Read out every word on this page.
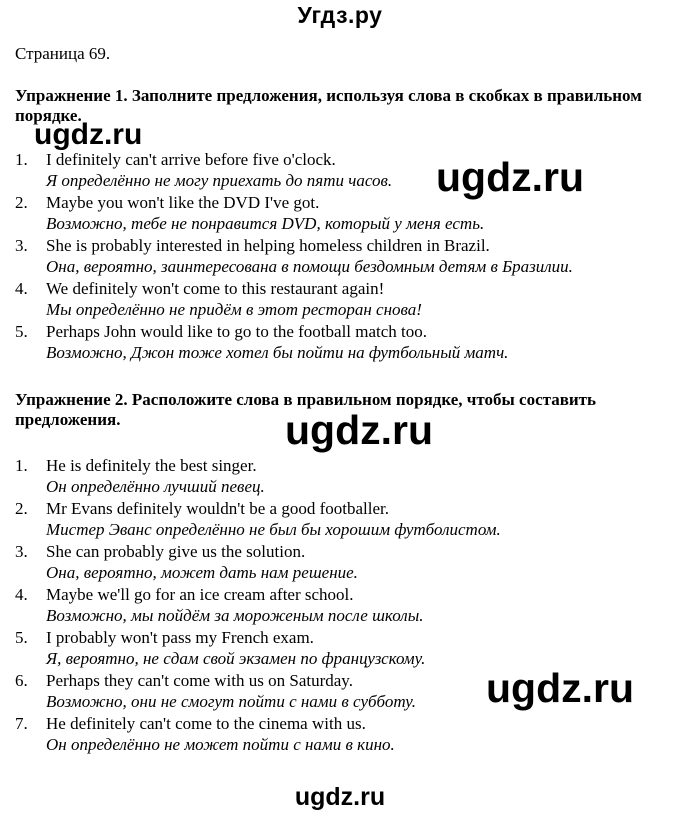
Угдз.ру
Страница 69.
Упражнение 1. Заполните предложения, используя слова в скобках в правильном порядке.
1. I definitely can't arrive before five o'clock.
Я определённо не могу приехать до пяти часов.
2. Maybe you won't like the DVD I've got.
Возможно, тебе не понравится DVD, который у меня есть.
3. She is probably interested in helping homeless children in Brazil.
Она, вероятно, заинтересована в помощи бездомным детям в Бразилии.
4. We definitely won't come to this restaurant again!
Мы определённо не придём в этот ресторан снова!
5. Perhaps John would like to go to the football match too.
Возможно, Джон тоже хотел бы пойти на футбольный матч.
Упражнение 2. Расположите слова в правильном порядке, чтобы составить предложения.
1. He is definitely the best singer.
Он определённо лучший певец.
2. Mr Evans definitely wouldn't be a good footballer.
Мистер Эванс определённо не был бы хорошим футболистом.
3. She can probably give us the solution.
Она, вероятно, может дать нам решение.
4. Maybe we'll go for an ice cream after school.
Возможно, мы пойдём за мороженым после школы.
5. I probably won't pass my French exam.
Я, вероятно, не сдам свой экзамен по французскому.
6. Perhaps they can't come with us on Saturday.
Возможно, они не смогут пойти с нами в субботу.
7. He definitely can't come to the cinema with us.
Он определённо не может пойти с нами в кино.
ugdz.ru
ugdz.ru
ugdz.ru
ugdz.ru
ugdz.ru
